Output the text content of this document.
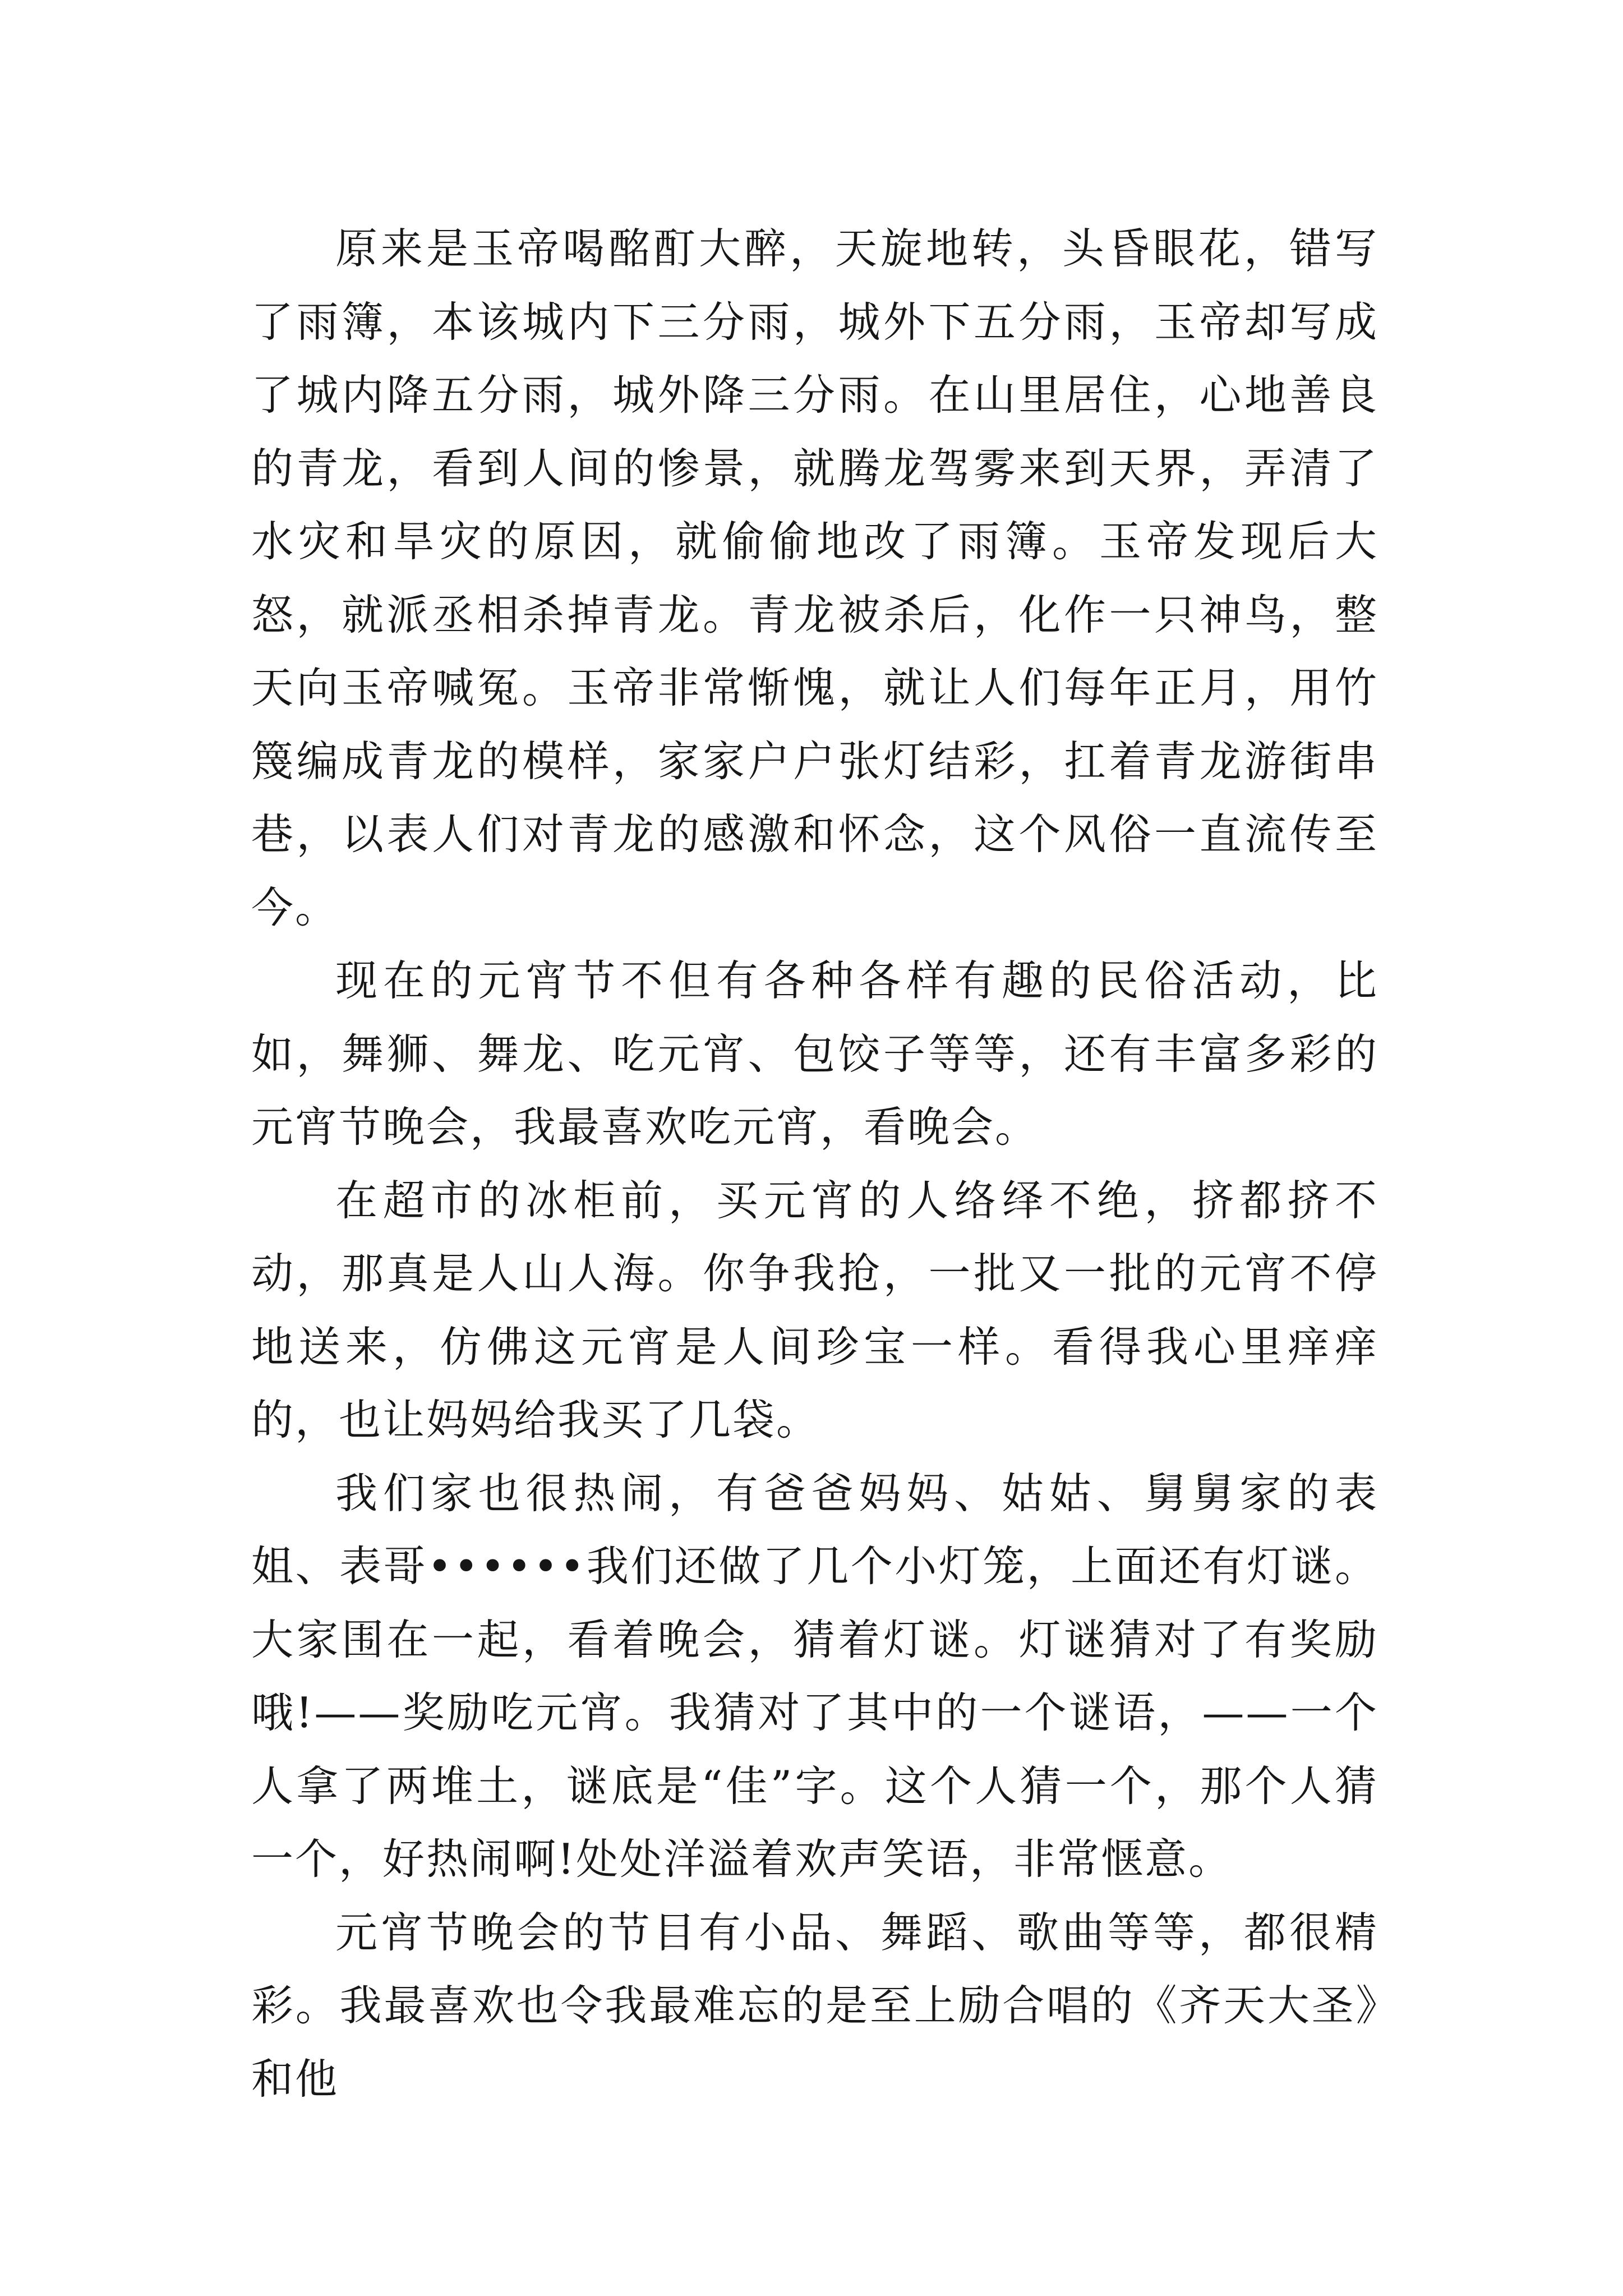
原来是玉帝喝酩酊大醉，天旋地转，头昏眼花，错写了雨簿，本该城内下三分雨，城外下五分雨，玉帝却写成了城内降五分雨，城外降三分雨。在山里居住，心地善良的青龙，看到人间的惨景，就腾龙驾雾来到天界，弄清了水灾和旱灾的原因，就偷偷地改了雨簿。玉帝发现后大怒，就派丞相杀掉青龙。青龙被杀后，化作一只神鸟，整天向玉帝喊冤。玉帝非常惭愧，就让人们每年正月，用竹篾编成青龙的模样，家家户户张灯结彩，扛着青龙游街串巷，以表人们对青龙的感激和怀念，这个风俗一直流传至今。

现在的元宵节不但有各种各样有趣的民俗活动，比如，舞狮、舞龙、吃元宵、包饺子等等，还有丰富多彩的元宵节晚会，我最喜欢吃元宵，看晚会。

在超市的冰柜前，买元宵的人络绎不绝，挤都挤不动，那真是人山人海。你争我抢，一批又一批的元宵不停地送来，仿佛这元宵是人间珍宝一样。看得我心里痒痒的，也让妈妈给我买了几袋。

我们家也很热闹，有爸爸妈妈、姑姑、舅舅家的表姐、表哥••••••我们还做了几个小灯笼，上面还有灯谜。大家围在一起，看着晚会，猜着灯谜。灯谜猜对了有奖励哦!——奖励吃元宵。我猜对了其中的一个谜语，——一个人拿了两堆土，谜底是“佳”字。这个人猜一个，那个人猜一个，好热闹啊!处处洋溢着欢声笑语，非常惬意。

元宵节晚会的节目有小品、舞蹈、歌曲等等，都很精彩。我最喜欢也令我最难忘的是至上励合唱的《齐天大圣》和他
